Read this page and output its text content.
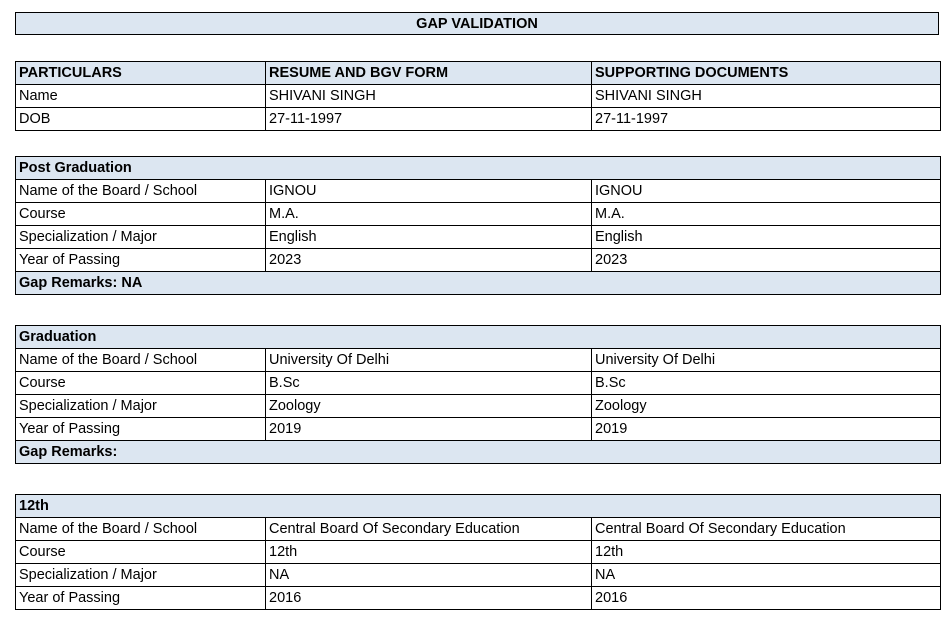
GAP VALIDATION
PARTICULARS	RESUME AND BGV FORM	SUPPORTING DOCUMENTS
Name	SHIVANI SINGH	SHIVANI SINGH
DOB	27-11-1997	27-11-1997
Post Graduation		
Name of the Board / School	IGNOU	IGNOU
Course	M.A.	M.A.
Specialization / Major	English	English
Year of Passing	2023	2023
Gap Remarks: NA		
Graduation		
Name of the Board / School	University Of Delhi	University Of Delhi
Course	B.Sc	B.Sc
Specialization / Major	Zoology	Zoology
Year of Passing	2019	2019
Gap Remarks:		
12th		
Name of the Board / School	Central Board Of Secondary Education	Central Board Of Secondary Education
Course	12th	12th
Specialization / Major	NA	NA
Year of Passing	2016	2016
